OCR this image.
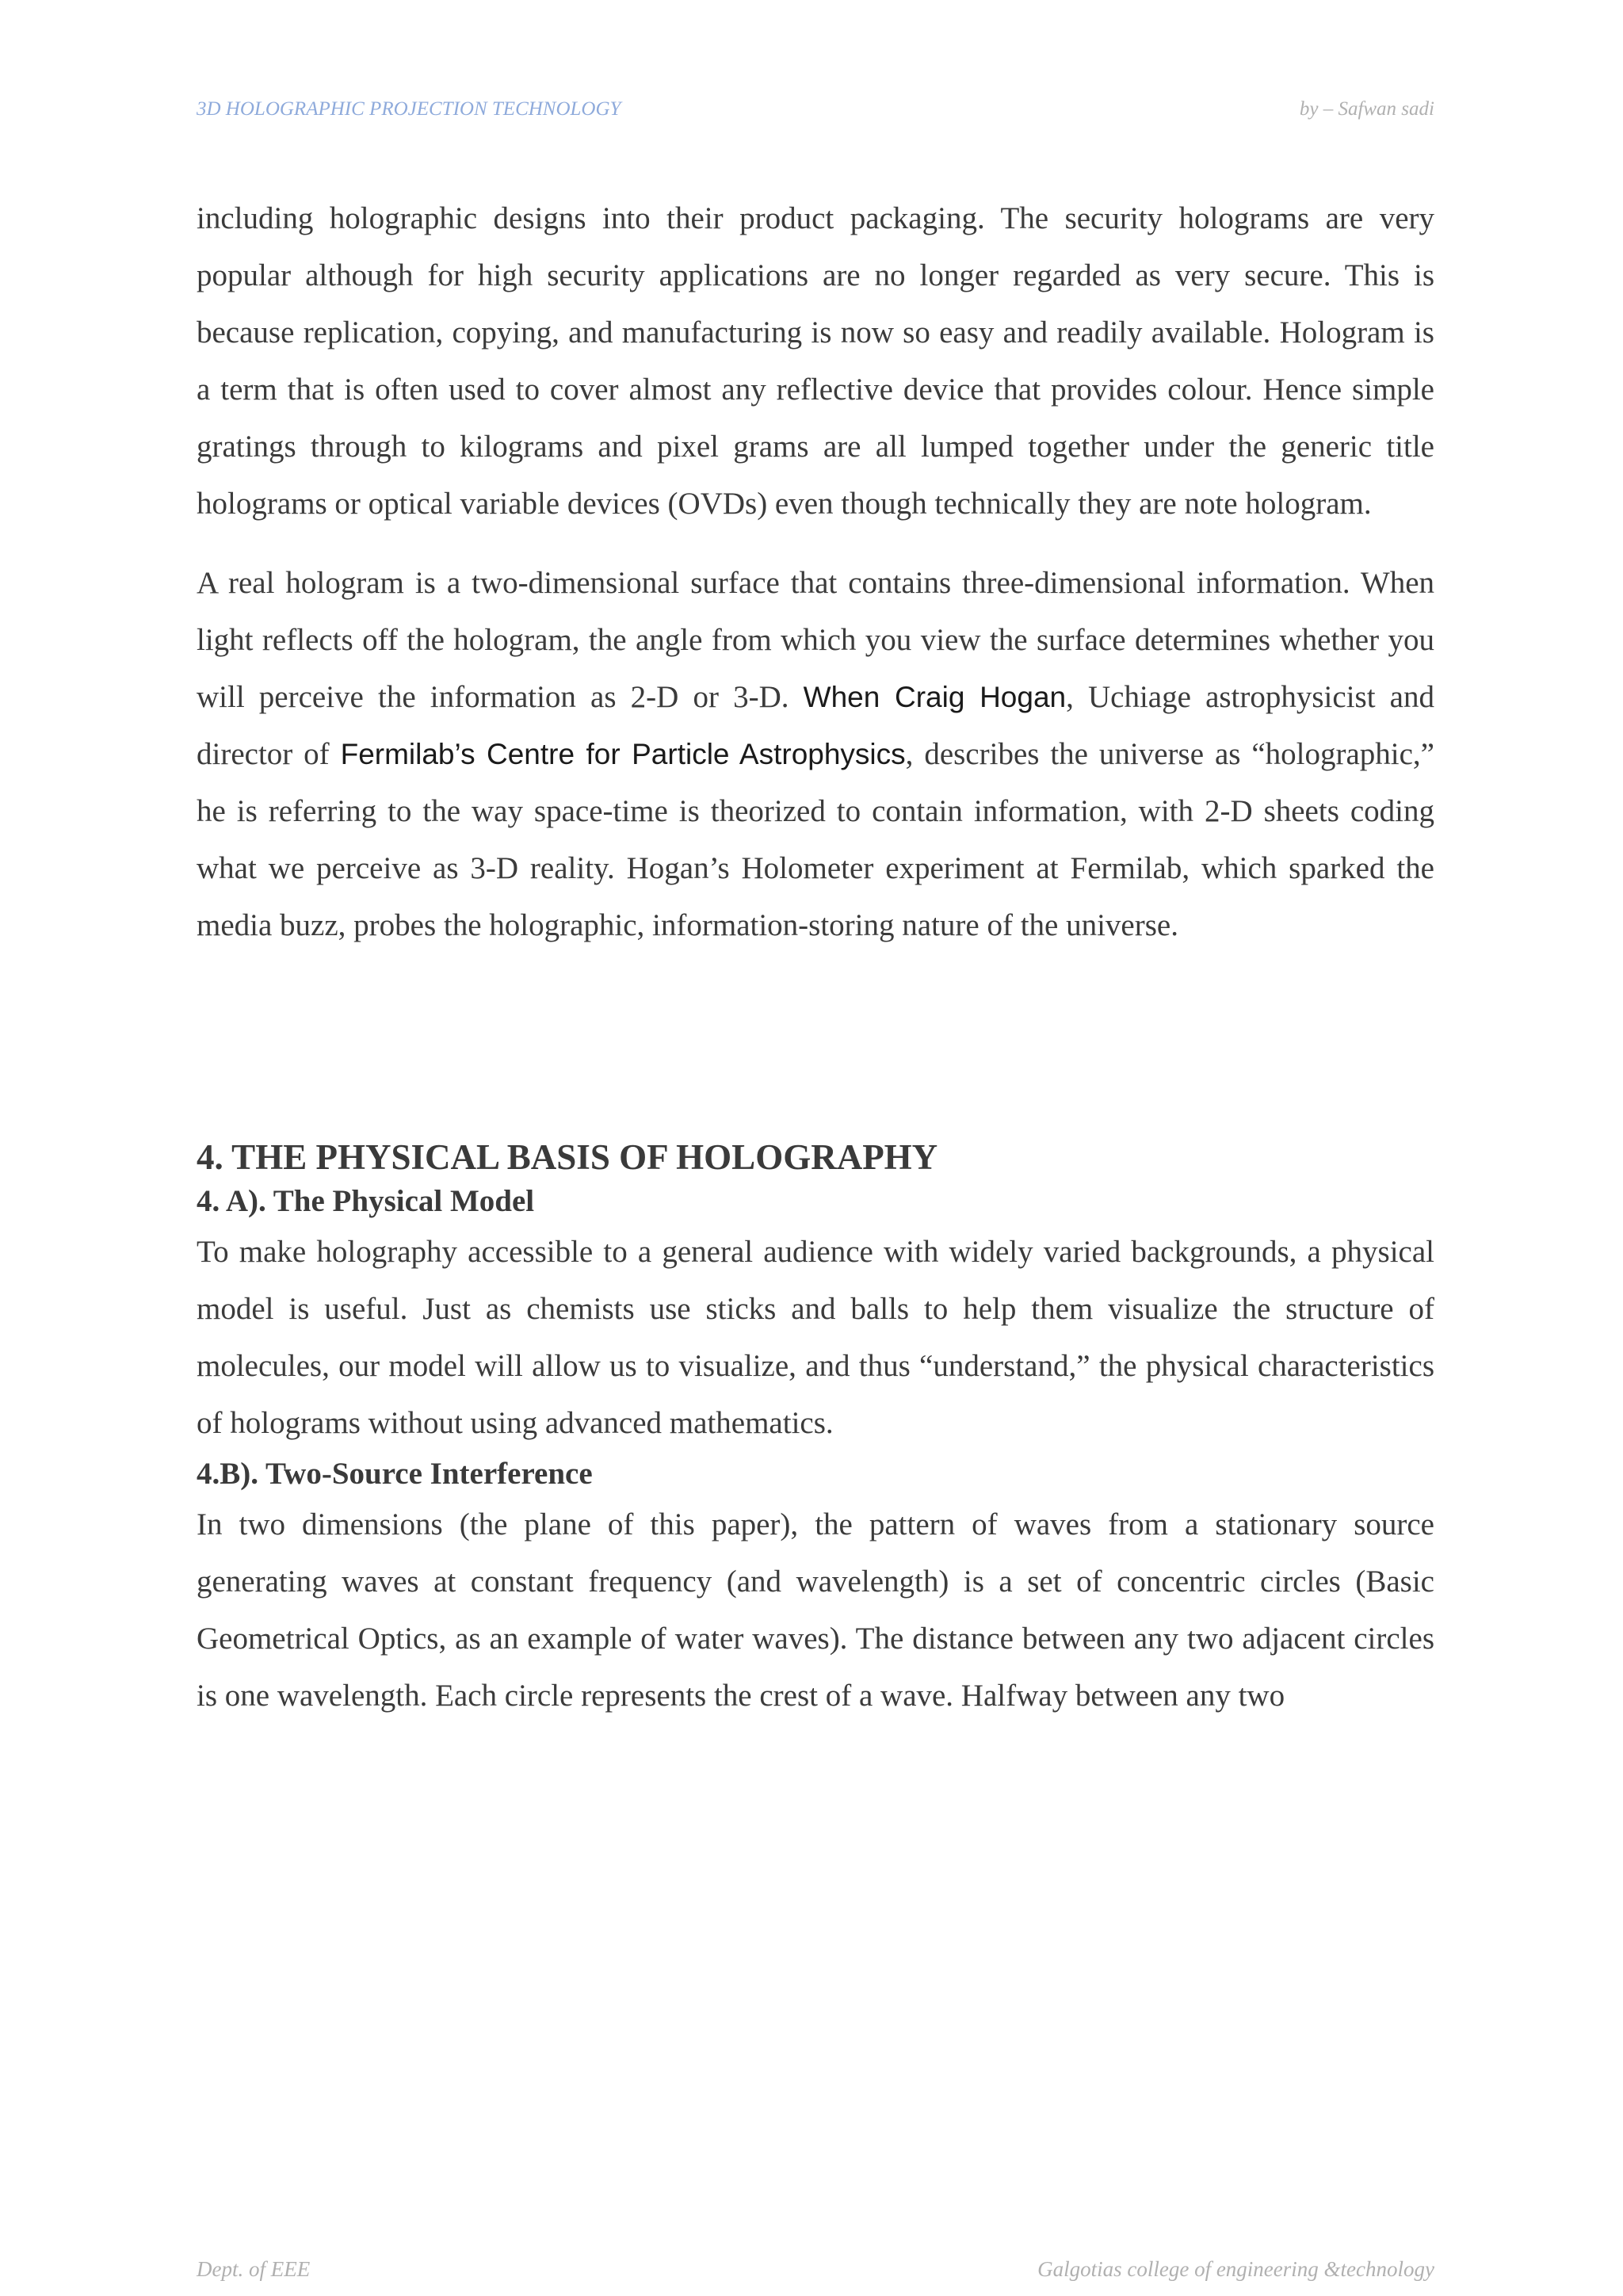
3D HOLOGRAPHIC PROJECTION TECHNOLOGY	by – Safwan sadi

including holographic designs into their product packaging. The security holograms are very popular although for high security applications are no longer regarded as very secure. This is because replication, copying, and manufacturing is now so easy and readily available. Hologram is a term that is often used to cover almost any reflective device that provides colour. Hence simple gratings through to kilograms and pixel grams are all lumped together under the generic title holograms or optical variable devices (OVDs) even though technically they are note hologram.

A real hologram is a two-dimensional surface that contains three-dimensional information. When light reflects off the hologram, the angle from which you view the surface determines whether you will perceive the information as 2-D or 3-D. When Craig Hogan, Uchiage astrophysicist and director of Fermilab’s Centre for Particle Astrophysics, describes the universe as “holographic,” he is referring to the way space-time is theorized to contain information, with 2-D sheets coding what we perceive as 3-D reality. Hogan’s Holometer experiment at Fermilab, which sparked the media buzz, probes the holographic, information-storing nature of the universe.

4. THE PHYSICAL BASIS OF HOLOGRAPHY
4. A). The Physical Model

To make holography accessible to a general audience with widely varied backgrounds, a physical model is useful. Just as chemists use sticks and balls to help them visualize the structure of molecules, our model will allow us to visualize, and thus “understand,” the physical characteristics of holograms without using advanced mathematics.

4.B). Two-Source Interference

In two dimensions (the plane of this paper), the pattern of waves from a stationary source generating waves at constant frequency (and wavelength) is a set of concentric circles (Basic Geometrical Optics, as an example of water waves). The distance between any two adjacent circles is one wavelength. Each circle represents the crest of a wave. Halfway between any two

Dept. of EEE	Galgotias college of engineering &technology
